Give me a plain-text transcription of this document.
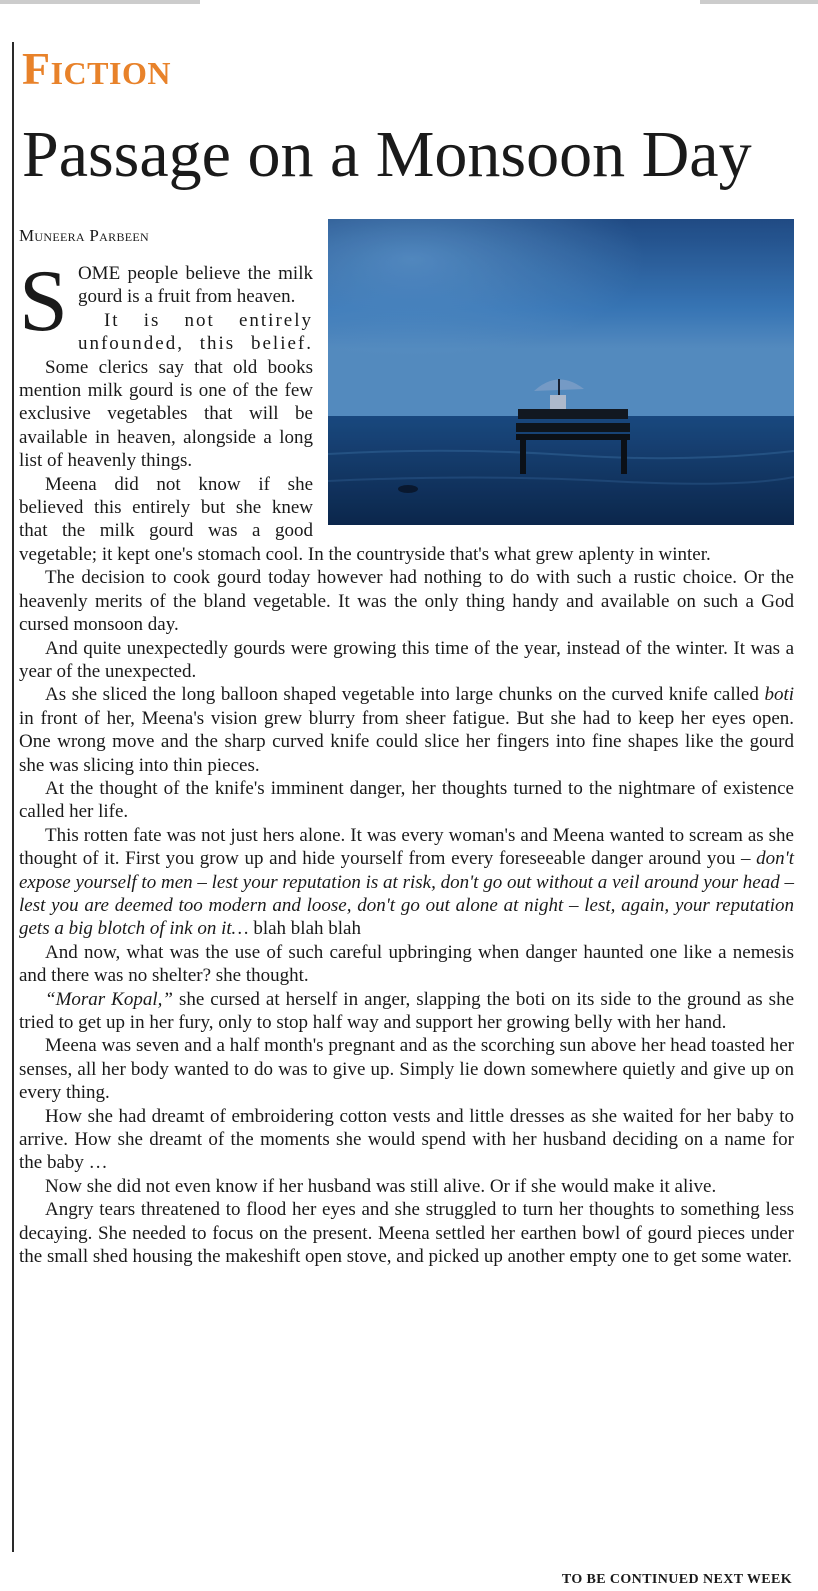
Fiction
Passage on a Monsoon Day
Muneera Parbeen

SOME people believe the milk gourd is a fruit from heaven.

It is not entirely unfounded, this belief.

Some clerics say that old books mention milk gourd is one of the few exclusive vegetables that will be available in heaven, alongside a long list of heavenly things.

Meena did not know if she believed this entirely but she knew that the milk gourd was a good vegetable; it kept one's stomach cool. In the countryside that's what grew aplenty in winter.

The decision to cook gourd today however had nothing to do with such a rustic choice. Or the heavenly merits of the bland vegetable. It was the only thing handy and available on such a God cursed monsoon day.

And quite unexpectedly gourds were growing this time of the year, instead of the winter. It was a year of the unexpected.

As she sliced the long balloon shaped vegetable into large chunks on the curved knife called boti in front of her, Meena's vision grew blurry from sheer fatigue. But she had to keep her eyes open. One wrong move and the sharp curved knife could slice her fingers into fine shapes like the gourd she was slicing into thin pieces.

At the thought of the knife's imminent danger, her thoughts turned to the nightmare of existence called her life.

This rotten fate was not just hers alone. It was every woman's and Meena wanted to scream as she thought of it. First you grow up and hide yourself from every foreseeable danger around you – don't expose yourself to men – lest your reputation is at risk, don't go out without a veil around your head – lest you are deemed too modern and loose, don't go out alone at night – lest, again, your reputation gets a big blotch of ink on it… blah blah blah

And now, what was the use of such careful upbringing when danger haunted one like a nemesis and there was no shelter? she thought.

“Morar Kopal,” she cursed at herself in anger, slapping the boti on its side to the ground as she tried to get up in her fury, only to stop half way and support her growing belly with her hand.

Meena was seven and a half month's pregnant and as the scorching sun above her head toasted her senses, all her body wanted to do was to give up. Simply lie down somewhere quietly and give up on every thing.

How she had dreamt of embroidering cotton vests and little dresses as she waited for her baby to arrive. How she dreamt of the moments she would spend with her husband deciding on a name for the baby …

Now she did not even know if her husband was still alive. Or if she would make it alive.

Angry tears threatened to flood her eyes and she struggled to turn her thoughts to something less decaying. She needed to focus on the present. Meena settled her earthen bowl of gourd pieces under the small shed housing the makeshift open stove, and picked up another empty one to get some water.

TO BE CONTINUED NEXT WEEK
